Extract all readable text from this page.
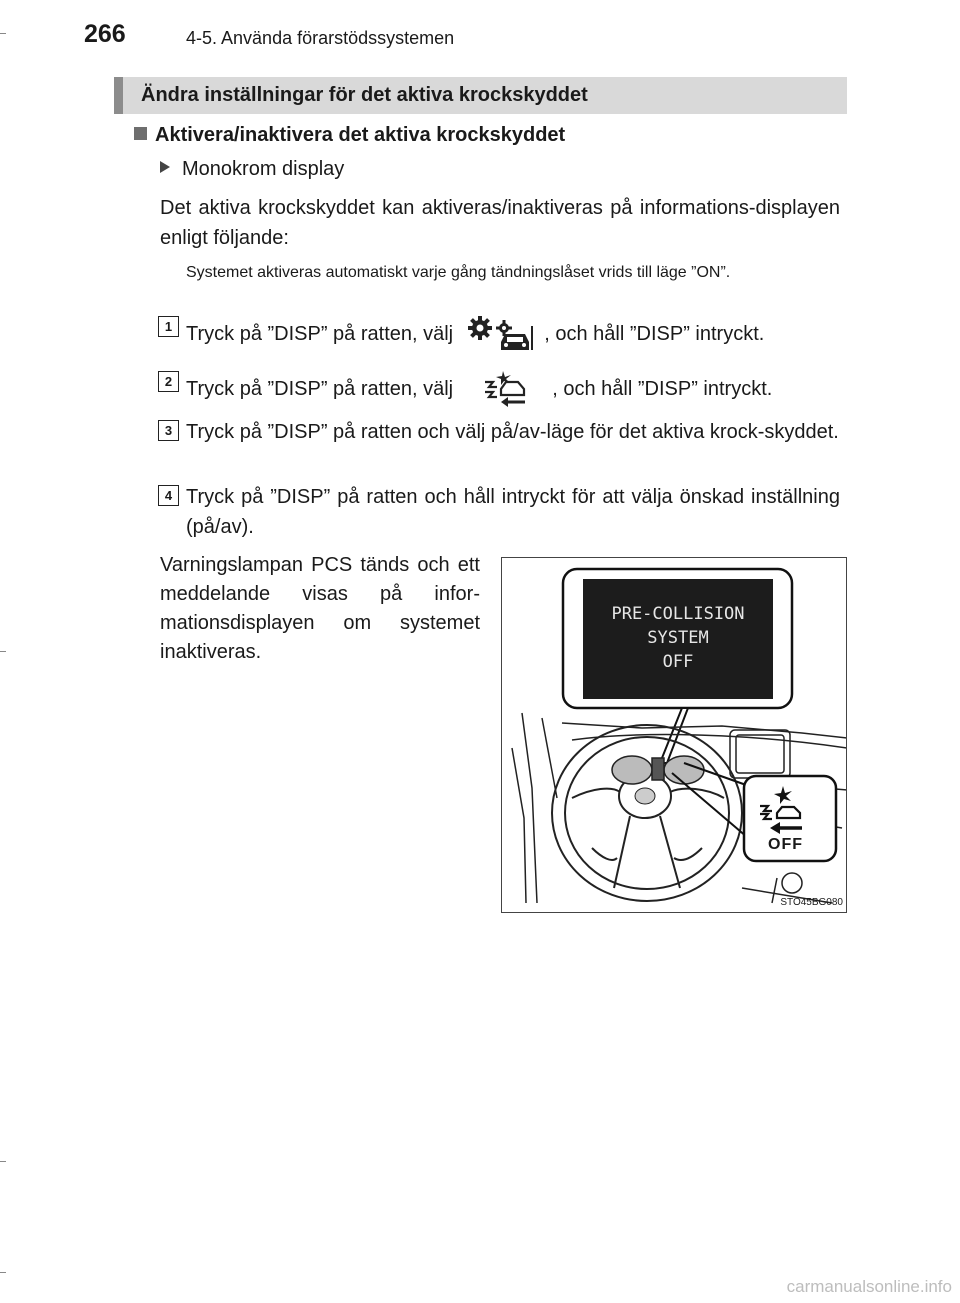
266	4-5. Använda förarstödssystemen
Ändra inställningar för det aktiva krockskyddet
Aktivera/inaktivera det aktiva krockskyddet
Monokrom display
Det aktiva krockskyddet kan aktiveras/inaktiveras på informations-displayen enligt följande:
Systemet aktiveras automatiskt varje gång tändningslåset vrids till läge ”ON”.
1 Tryck på ”DISP” på ratten, välj	, och håll ”DISP” intryckt.
2 Tryck på ”DISP” på ratten, välj	, och håll ”DISP” intryckt.
3 Tryck på ”DISP” på ratten och välj på/av-läge för det aktiva krock-skyddet.
4 Tryck på ”DISP” på ratten och håll intryckt för att välja önskad inställning (på/av).
Varningslampan PCS tänds och ett meddelande visas på infor-mationsdisplayen om systemet inaktiveras.
PRE-COLLISION
SYSTEM
OFF
OFF
STO45BG080
carmanualsonline.info
